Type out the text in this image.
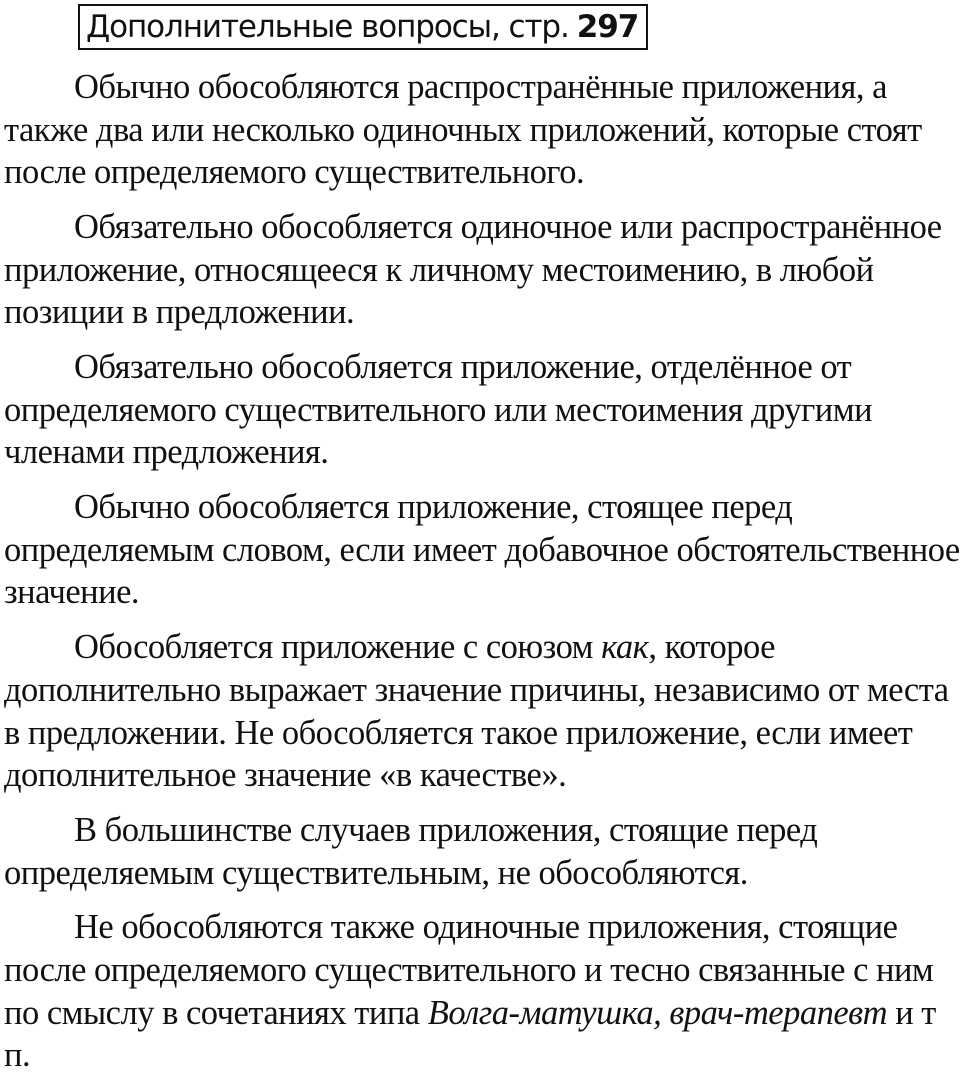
Дополнительные вопросы, стр. 297

Обычно обособляются распространённые приложения, а также два или несколько одиночных приложений, которые стоят после определяемого существительного.

Обязательно обособляется одиночное или распространённое приложение, относящееся к личному местоимению, в любой позиции в предложении.

Обязательно обособляется приложение, отделённое от определяемого существительного или местоимения другими членами предложения.

Обычно обособляется приложение, стоящее перед определяемым словом, если имеет добавочное обстоятельственное значение.

Обособляется приложение с союзом как, которое дополнительно выражает значение причины, независимо от места в предложении. Не обособляется такое приложение, если имеет дополнительное значение «в качестве».

В большинстве случаев приложения, стоящие перед определяемым существительным, не обособляются.

Не обособляются также одиночные приложения, стоящие после определяемого существительного и тесно связанные с ним по смыслу в сочетаниях типа Волга-матушка, врач-терапевт и т п.
